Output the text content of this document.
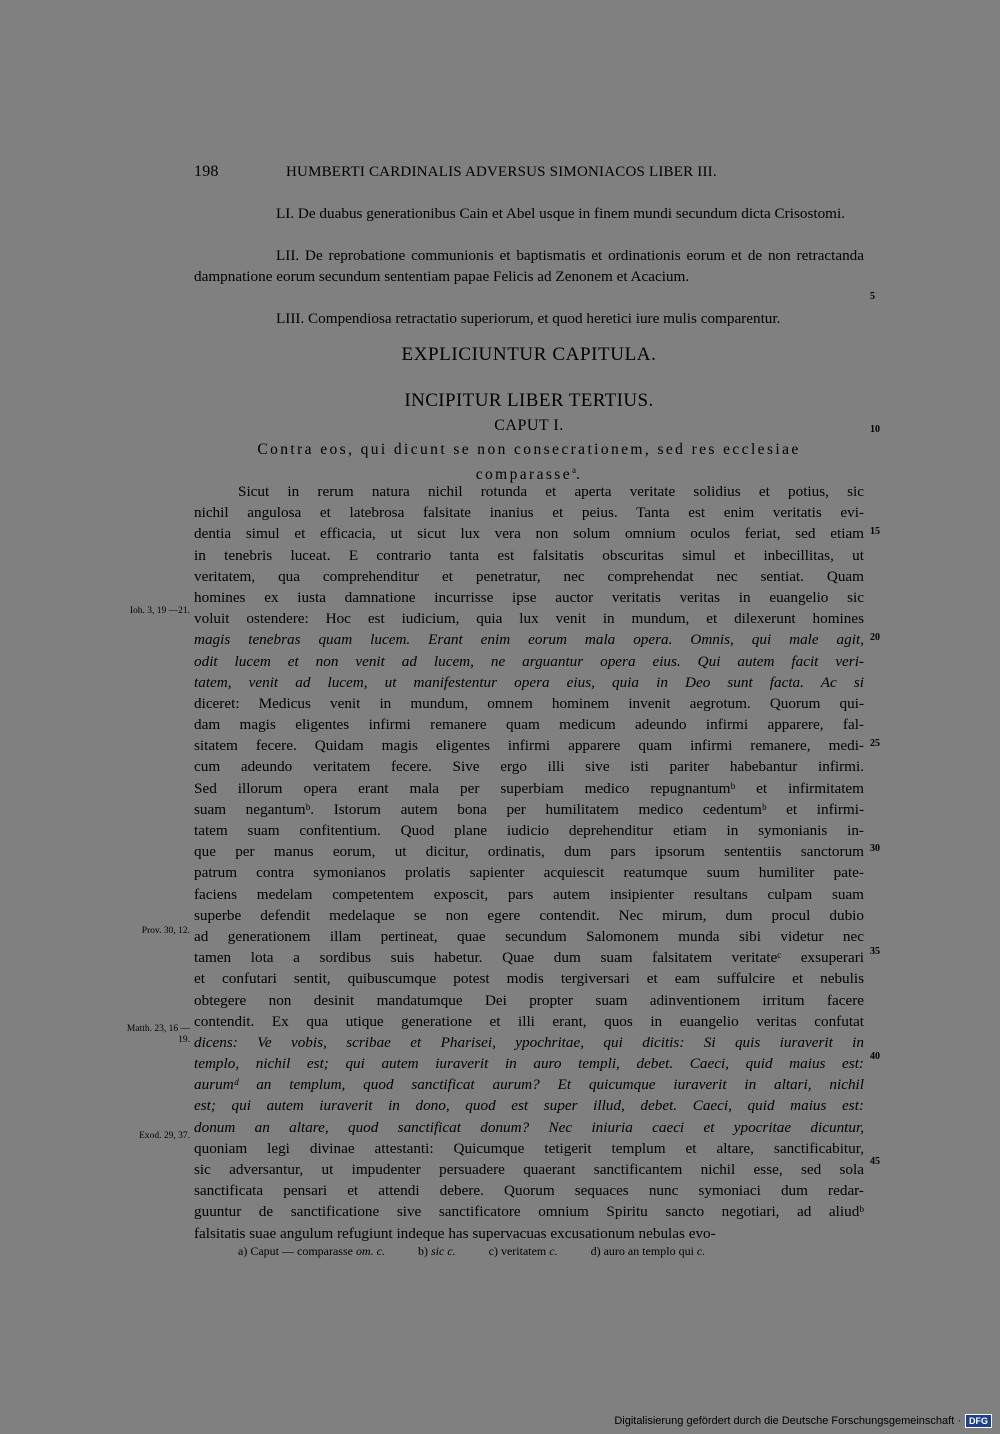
198	HUMBERTI CARDINALIS ADVERSUS SIMONIACOS LIBER III.
LI. De duabus generationibus Cain et Abel usque in finem mundi secundum dicta Crisostomi.
LII. De reprobatione communionis et baptismatis et ordinationis eorum et de non retractanda dampnatione eorum secundum sententiam papae Felicis ad Zenonem et Acacium.
LIII. Compendiosa retractatio superiorum, et quod heretici iure mulis comparentur.
EXPLICIUNTUR CAPITULA.
INCIPITUR LIBER TERTIUS.
CAPUT I.
Contra eos, qui dicunt se non consecrationem, sed res ecclesiae
comparasse$^a$.
Sicut in rerum natura nichil rotunda et aperta veritate solidius et potius, sic
nichil angulosa et latebrosa falsitate inanius et peius. Tanta est enim veritatis evi-
dentia simul et efficacia, ut sicut lux vera non solum omnium oculos feriat, sed etiam
in tenebris luceat. E contrario tanta est falsitatis obscuritas simul et inbecillitas, ut
veritatem, qua comprehenditur et penetratur, nec comprehendat nec sentiat. Quam
homines ex iusta damnatione incurrisse ipse auctor veritatis veritas in euangelio sic
voluit ostendere: Hoc est iudicium, quia lux venit in mundum, et dilexerunt homines
magis tenebras quam lucem. Erant enim eorum mala opera. Omnis, qui male agit,
odit lucem et non venit ad lucem, ne arguantur opera eius. Qui autem facit veri-
tatem, venit ad lucem, ut manifestentur opera eius, quia in Deo sunt facta. Ac si
diceret: Medicus venit in mundum, omnem hominem invenit aegrotum. Quorum qui-
dam magis eligentes infirmi remanere quam medicum adeundo infirmi apparere, fal-
sitatem fecere. Quidam magis eligentes infirmi apparere quam infirmi remanere, medi-
cum adeundo veritatem fecere. Sive ergo illi sive isti pariter habebantur infirmi.
Sed illorum opera erant mala per superbiam medico repugnantumᵇ et infirmitatem
suam negantumᵇ. Istorum autem bona per humilitatem medico cedentumᵇ et infirmi-
tatem suam confitentium. Quod plane iudicio deprehenditur etiam in symonianis in-
que per manus eorum, ut dicitur, ordinatis, dum pars ipsorum sententiis sanctorum
patrum contra symonianos prolatis sapienter acquiescit reatumque suum humiliter pate-
faciens medelam competentem exposcit, pars autem insipienter resultans culpam suam
superbe defendit medelaque se non egere contendit. Nec mirum, dum procul dubio
ad generationem illam pertineat, quae secundum Salomonem munda sibi videtur nec
tamen lota a sordibus suis habetur. Quae dum suam falsitatem veritateᶜ exsuperari
et confutari sentit, quibuscumque potest modis tergiversari et eam suffulcire et nebulis
obtegere non desinit mandatumque Dei propter suam adinventionem irritum facere
contendit. Ex qua utique generatione et illi erant, quos in euangelio veritas confutat
dicens: Ve vobis, scribae et Pharisei, ypochritae, qui dicitis: Si quis iuraverit in
templo, nichil est; qui autem iuraverit in auro templi, debet. Caeci, quid maius est:
aurumᵈ an templum, quod sanctificat aurum? Et quicumque iuraverit in altari, nichil
est; qui autem iuraverit in dono, quod est super illud, debet. Caeci, quid maius est:
donum an altare, quod sanctificat donum? Nec iniuria caeci et ypocritae dicuntur,
quoniam legi divinae attestanti: Quicumque tetigerit templum et altare, sanctificabitur,
sic adversantur, ut impudenter persuadere quaerant sanctificantem nichil esse, sed sola
sanctificata pensari et attendi debere. Quorum sequaces nunc symoniaci dum redar-
guuntur de sanctificatione sive sanctificatore omnium Spiritu sancto negotiari, ad aliudᵇ
falsitatis suae angulum refugiunt indeque has supervacuas excusationum nebulas evo-
5
10
15
20
25
30
35
40
45
Ioh. 3, 19 —21.
Prov. 30, 12.
Matth. 23, 16 —19.
Exod. 29, 37.
a) Caput — comparasse om. c.	b) sic c.	c) veritatem c.	d) auro an templo qui c.
Digitalisierung gefördert durch die Deutsche Forschungsgemeinschaft · DFG
